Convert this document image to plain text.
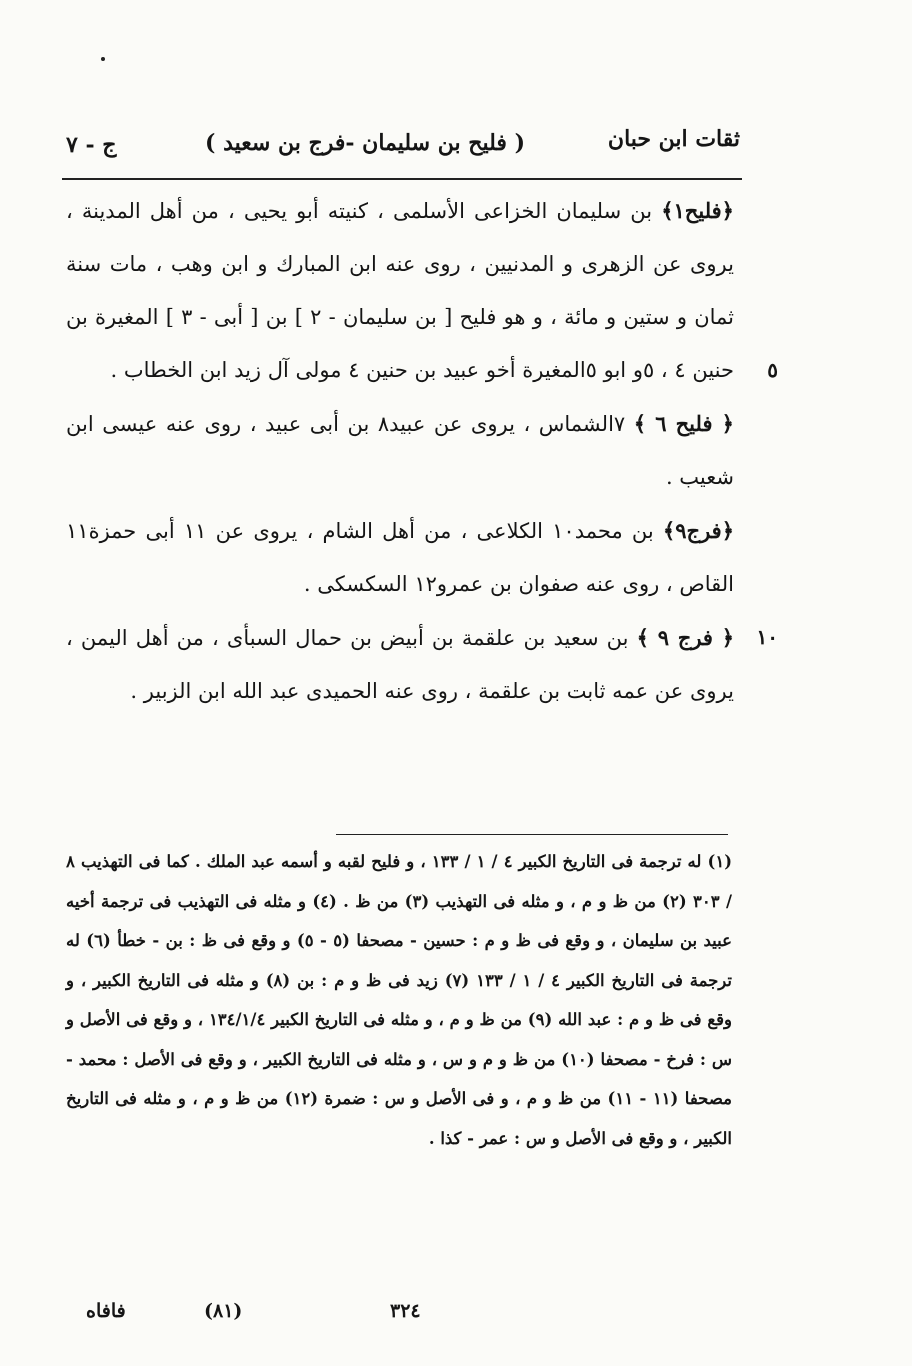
ثقات ابن حبان
( فليح بن سليمان -فرج بن سعيد )
ج - ٧

﴿فليح١﴾ بن سليمان الخزاعى الأسلمى ، كنيته أبو يحيى ، من أهل المدينة ، يروى عن الزهرى و المدنيين ، روى عنه ابن المبارك و ابن وهب ، مات سنة ثمان و ستين و مائة ، و هو فليح [ بن سليمان - ٢ ] بن [ أبى - ٣ ] المغيرة بن حنين ٤ ، ٥و ابو ٥المغيرة أخو عبيد بن حنين ٤ مولى آل زيد ابن الخطاب . ٥
﴿ فليح ٦ ﴾ ٧الشماس ، يروى عن عبيد٨ بن أبى عبيد ، روى عنه عيسى ابن شعيب .

﴿فرج٩﴾ بن محمد١٠ الكلاعى ، من أهل الشام ، يروى عن ١١ أبى حمزة١١ القاص ، روى عنه صفوان بن عمرو١٢ السكسكى .

١٠
﴿ فرج ٩ ﴾ بن سعيد بن علقمة بن أبيض بن حمال السبأى ، من أهل اليمن ، يروى عن عمه ثابت بن علقمة ، روى عنه الحميدى عبد الله ابن الزبير .

(١) له ترجمة فى التاريخ الكبير ٤ / ١ / ١٣٣ ، و فليح لقبه و أسمه عبد الملك . كما فى التهذيب ٨ / ٣٠٣ (٢) من ظ و م ، و مثله فى التهذيب (٣) من ظ . (٤) و مثله فى التهذيب فى ترجمة أخيه عبيد بن سليمان ، و وقع فى ظ و م : حسين - مصحفا (٥ - ٥) و وقع فى ظ : بن - خطأ (٦) له ترجمة فى التاريخ الكبير ٤ / ١ / ١٣٣ (٧) زيد فى ظ و م : بن (٨) و مثله فى التاريخ الكبير ، و وقع فى ظ و م : عبد الله (٩) من ظ و م ، و مثله فى التاريخ الكبير ١٣٤/١/٤ ، و وقع فى الأصل و س : فرخ - مصحفا (١٠) من ظ و م و س ، و مثله فى التاريخ الكبير ، و وقع فى الأصل : محمد - مصحفا (١١ - ١١) من ظ و م ، و فى الأصل و س : ضمرة (١٢) من ظ و م ، و مثله فى التاريخ الكبير ، و وقع فى الأصل و س : عمر - كذا .
فافاه	(٨١)	٣٢٤
